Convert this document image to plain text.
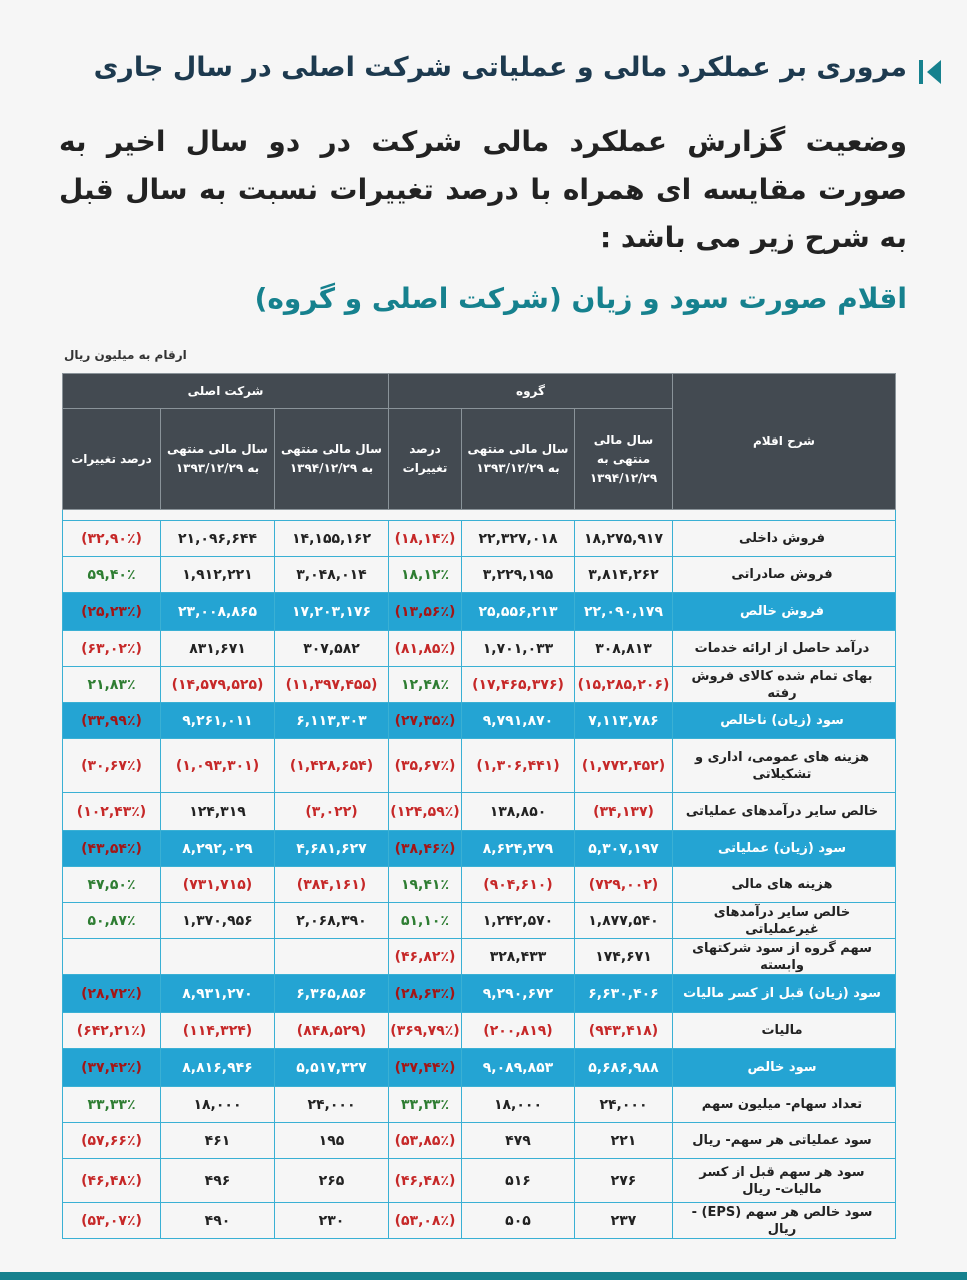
مروری بر عملکرد مالی و عملیاتی شرکت اصلی در سال جاری
وضعیت گزارش عملکرد مالی شرکت در دو سال اخیر به صورت مقایسه ای همراه با درصد تغییرات نسبت به سال قبل به شرح زیر می باشد :
اقلام صورت سود و زیان (شرکت اصلی و گروه)
ارقام به میلیون ریال
شرکت اصلی			گروه			شرح اقلام
درصد تغییرات	سال مالی منتهی به ۱۳۹۳/۱۲/۲۹	سال مالی منتهی به ۱۳۹۴/۱۲/۲۹	درصد تغییرات	سال مالی منتهی به ۱۳۹۳/۱۲/۲۹	سال مالی منتهی به ۱۳۹۴/۱۲/۲۹	

(۳۲,۹۰٪)	۲۱,۰۹۶,۶۴۴	۱۴,۱۵۵,۱۶۲	(۱۸,۱۴٪)	۲۲,۳۲۷,۰۱۸	۱۸,۲۷۵,۹۱۷	فروش داخلی
۵۹,۴۰٪	۱,۹۱۲,۲۲۱	۳,۰۴۸,۰۱۴	۱۸,۱۲٪	۳,۲۲۹,۱۹۵	۳,۸۱۴,۲۶۲	فروش صادراتی
(۲۵,۲۳٪)	۲۳,۰۰۸,۸۶۵	۱۷,۲۰۳,۱۷۶	(۱۳,۵۶٪)	۲۵,۵۵۶,۲۱۳	۲۲,۰۹۰,۱۷۹	فروش خالص
(۶۳,۰۲٪)	۸۳۱,۶۷۱	۳۰۷,۵۸۲	(۸۱,۸۵٪)	۱,۷۰۱,۰۳۳	۳۰۸,۸۱۳	درآمد حاصل از ارائه خدمات
۲۱,۸۳٪	(۱۴,۵۷۹,۵۲۵)	(۱۱,۳۹۷,۴۵۵)	۱۲,۴۸٪	(۱۷,۴۶۵,۳۷۶)	(۱۵,۲۸۵,۲۰۶)	بهای تمام شده کالای فروش رفته
(۳۳,۹۹٪)	۹,۲۶۱,۰۱۱	۶,۱۱۳,۳۰۳	(۲۷,۳۵٪)	۹,۷۹۱,۸۷۰	۷,۱۱۳,۷۸۶	سود (زیان) ناخالص
(۳۰,۶۷٪)	(۱,۰۹۳,۳۰۱)	(۱,۴۲۸,۶۵۴)	(۳۵,۶۷٪)	(۱,۳۰۶,۴۴۱)	(۱,۷۷۲,۴۵۲)	هزینه های عمومی، اداری و تشکیلاتی
(۱۰۲,۴۳٪)	۱۲۴,۳۱۹	(۳,۰۲۲)	(۱۲۴,۵۹٪)	۱۳۸,۸۵۰	(۳۴,۱۳۷)	خالص سایر درآمدهای عملیاتی
(۴۳,۵۴٪)	۸,۲۹۲,۰۲۹	۴,۶۸۱,۶۲۷	(۳۸,۴۶٪)	۸,۶۲۴,۲۷۹	۵,۳۰۷,۱۹۷	سود (زیان) عملیاتی
۴۷,۵۰٪	(۷۳۱,۷۱۵)	(۳۸۴,۱۶۱)	۱۹,۴۱٪	(۹۰۴,۶۱۰)	(۷۲۹,۰۰۲)	هزینه های مالی
۵۰,۸۷٪	۱,۳۷۰,۹۵۶	۲,۰۶۸,۳۹۰	۵۱,۱۰٪	۱,۲۴۲,۵۷۰	۱,۸۷۷,۵۴۰	خالص سایر درآمدهای غیرعملیاتی
			(۴۶,۸۲٪)	۳۲۸,۴۳۳	۱۷۴,۶۷۱	سهم گروه از سود شرکتهای وابسته
(۲۸,۷۲٪)	۸,۹۳۱,۲۷۰	۶,۳۶۵,۸۵۶	(۲۸,۶۳٪)	۹,۲۹۰,۶۷۲	۶,۶۳۰,۴۰۶	سود (زیان) قبل از کسر مالیات
(۶۴۲,۲۱٪)	(۱۱۴,۳۲۴)	(۸۴۸,۵۲۹)	(۳۶۹,۷۹٪)	(۲۰۰,۸۱۹)	(۹۴۳,۴۱۸)	مالیات
(۳۷,۴۲٪)	۸,۸۱۶,۹۴۶	۵,۵۱۷,۳۲۷	(۳۷,۴۴٪)	۹,۰۸۹,۸۵۳	۵,۶۸۶,۹۸۸	سود خالص
۳۳,۳۳٪	۱۸,۰۰۰	۲۴,۰۰۰	۳۳,۳۳٪	۱۸,۰۰۰	۲۴,۰۰۰	تعداد سهام- میلیون سهم
(۵۷,۶۶٪)	۴۶۱	۱۹۵	(۵۳,۸۵٪)	۴۷۹	۲۲۱	سود عملیاتی هر سهم- ریال
(۴۶,۴۸٪)	۴۹۶	۲۶۵	(۴۶,۴۸٪)	۵۱۶	۲۷۶	سود هر سهم قبل از کسر مالیات- ریال
(۵۳,۰۷٪)	۴۹۰	۲۳۰	(۵۳,۰۸٪)	۵۰۵	۲۳۷	سود خالص هر سهم (EPS) - ریال
